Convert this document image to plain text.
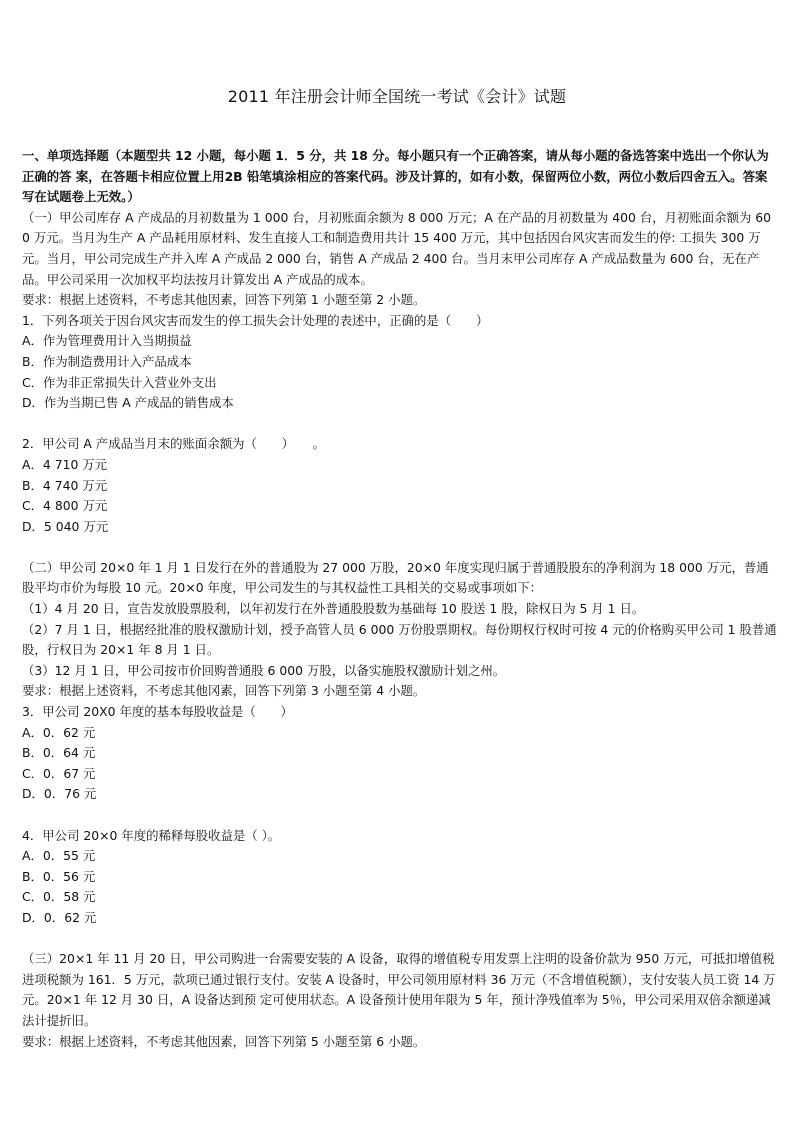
2011 年注册会计师全国统一考试《会计》试题

一、单项选择题（本题型共 12 小题，每小题 1．5 分，共 18 分。每小题只有一个正确答案，请从每小题的备选答案中选出一个你认为正确的答 案，在答题卡相应位置上用2B 铅笔填涂相应的答案代码。涉及计算的，如有小数，保留两位小数，两位小数后四舍五入。答案写在试题卷上无效。）

（一）甲公司库存 A 产成品的月初数量为 1 000 台，月初账面余额为 8 000 万元；A 在产品的月初数量为 400 台，月初账面余额为 600 万元。当月为生产 A 产品耗用原材料、发生直接人工和制造费用共计 15 400 万元，其中包括因台风灾害而发生的停: 工损失 300 万元。当月，甲公司完成生产并入库 A 产成品 2 000 台，销售 A 产成品 2 400 台。当月末甲公司库存 A 产成品数量为 600 台，无在产品。甲公司采用一次加权平均法按月计算发出 A 产成品的成本。

要求：根据上述资料，不考虑其他因素，回答下列第 1 小题至第 2 小题。

1．下列各项关于因台风灾害而发生的停工损失会计处理的表述中，正确的是（　　）

A．作为管理费用计入当期损益

B．作为制造费用计入产品成本

C．作为非正常损失计入营业外支出

D．作为当期已售 A 产成品的销售成本

2．甲公司 A 产成品当月末的账面余额为（　　）　　。

A．4 710 万元

B．4 740 万元

C．4 800 万元

D．5 040 万元

（二）甲公司 20×0 年 1 月 1 日发行在外的普通股为 27 000 万股，20×0 年度实现归属于普通股股东的净利润为 18 000 万元，普通股平均市价为每股 10 元。20×0 年度，甲公司发生的与其权益性工具相关的交易或事项如下：

（1）4 月 20 日，宣告发放股票股利，以年初发行在外普通股股数为基础每 10 股送 1 股，除权日为 5 月 1 日。

（2）7 月 1 日，根据经批准的股权激励计划，授予高管人员 6 000 万份股票期权。每份期权行权时可按 4 元的价格购买甲公司 1 股普通股，行权日为 20×1 年 8 月 1 日。

（3）12 月 1 日，甲公司按市价回购普通股 6 000 万股，以备实施股权激励计划之州。

要求：根据上述资料，不考虑其他冈素，回答下列第 3 小题至第 4 小题。

3．甲公司 20X0 年度的基本每股收益是（　　）

A．0．62 元

B．0．64 元

C．0．67 元

D．0．76 元

4．甲公司 20×0 年度的稀释每股收益是（ ）。

A．0．55 元

B．0．56 元

C．0．58 元

D．0．62 元

（三）20×1 年 11 月 20 日，甲公司购进一台需要安装的 A 设备，取得的增值税专用发票上注明的设备价款为 950 万元，可抵扣增值税进项税额为 161．5 万元，款项已通过银行支付。安装 A 设备时，甲公司领用原材料 36 万元（不含增值税额），支付安装人员工资 14 万元。20×1 年 12 月 30 日，A 设备达到预 定可使用状态。A 设备预计使用年限为 5 年，预计净残值率为 5％，甲公司采用双倍余额递减法计提折旧。

要求：根据上述资料，不考虑其他因素，回答下列第 5 小题至第 6 小题。
